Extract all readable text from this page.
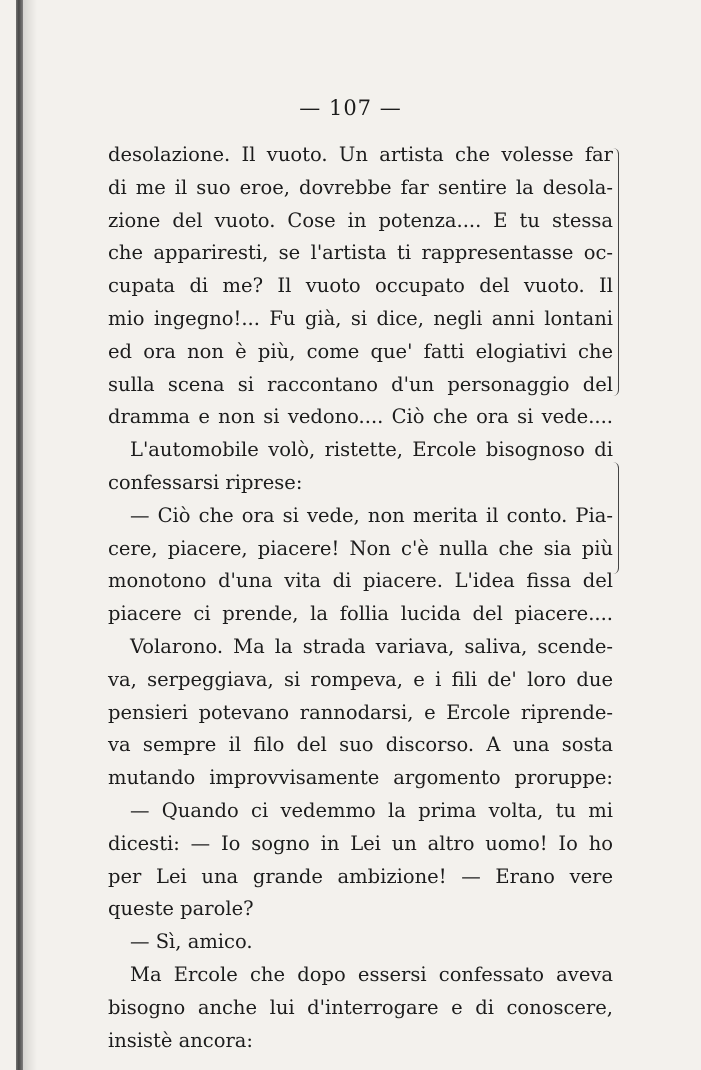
— 107 —
desolazione. Il vuoto. Un artista che volesse far
di me il suo eroe, dovrebbe far sentire la desola-
zione del vuoto. Cose in potenza.... E tu stessa
che appariresti, se l'artista ti rappresentasse oc-
cupata di me? Il vuoto occupato del vuoto. Il
mio ingegno!... Fu già, si dice, negli anni lontani
ed ora non è più, come que' fatti elogiativi che
sulla scena si raccontano d'un personaggio del
dramma e non si vedono.... Ciò che ora si vede....
L'automobile volò, ristette, Ercole bisognoso di
confessarsi riprese:
— Ciò che ora si vede, non merita il conto. Pia-
cere, piacere, piacere! Non c'è nulla che sia più
monotono d'una vita di piacere. L'idea fissa del
piacere ci prende, la follia lucida del piacere....
Volarono. Ma la strada variava, saliva, scende-
va, serpeggiava, si rompeva, e i fili de' loro due
pensieri potevano rannodarsi, e Ercole riprende-
va sempre il filo del suo discorso. A una sosta
mutando improvvisamente argomento proruppe:
— Quando ci vedemmo la prima volta, tu mi
dicesti: — Io sogno in Lei un altro uomo! Io ho
per Lei una grande ambizione! — Erano vere
queste parole?
— Sì, amico.
Ma Ercole che dopo essersi confessato aveva
bisogno anche lui d'interrogare e di conoscere,
insistè ancora:
